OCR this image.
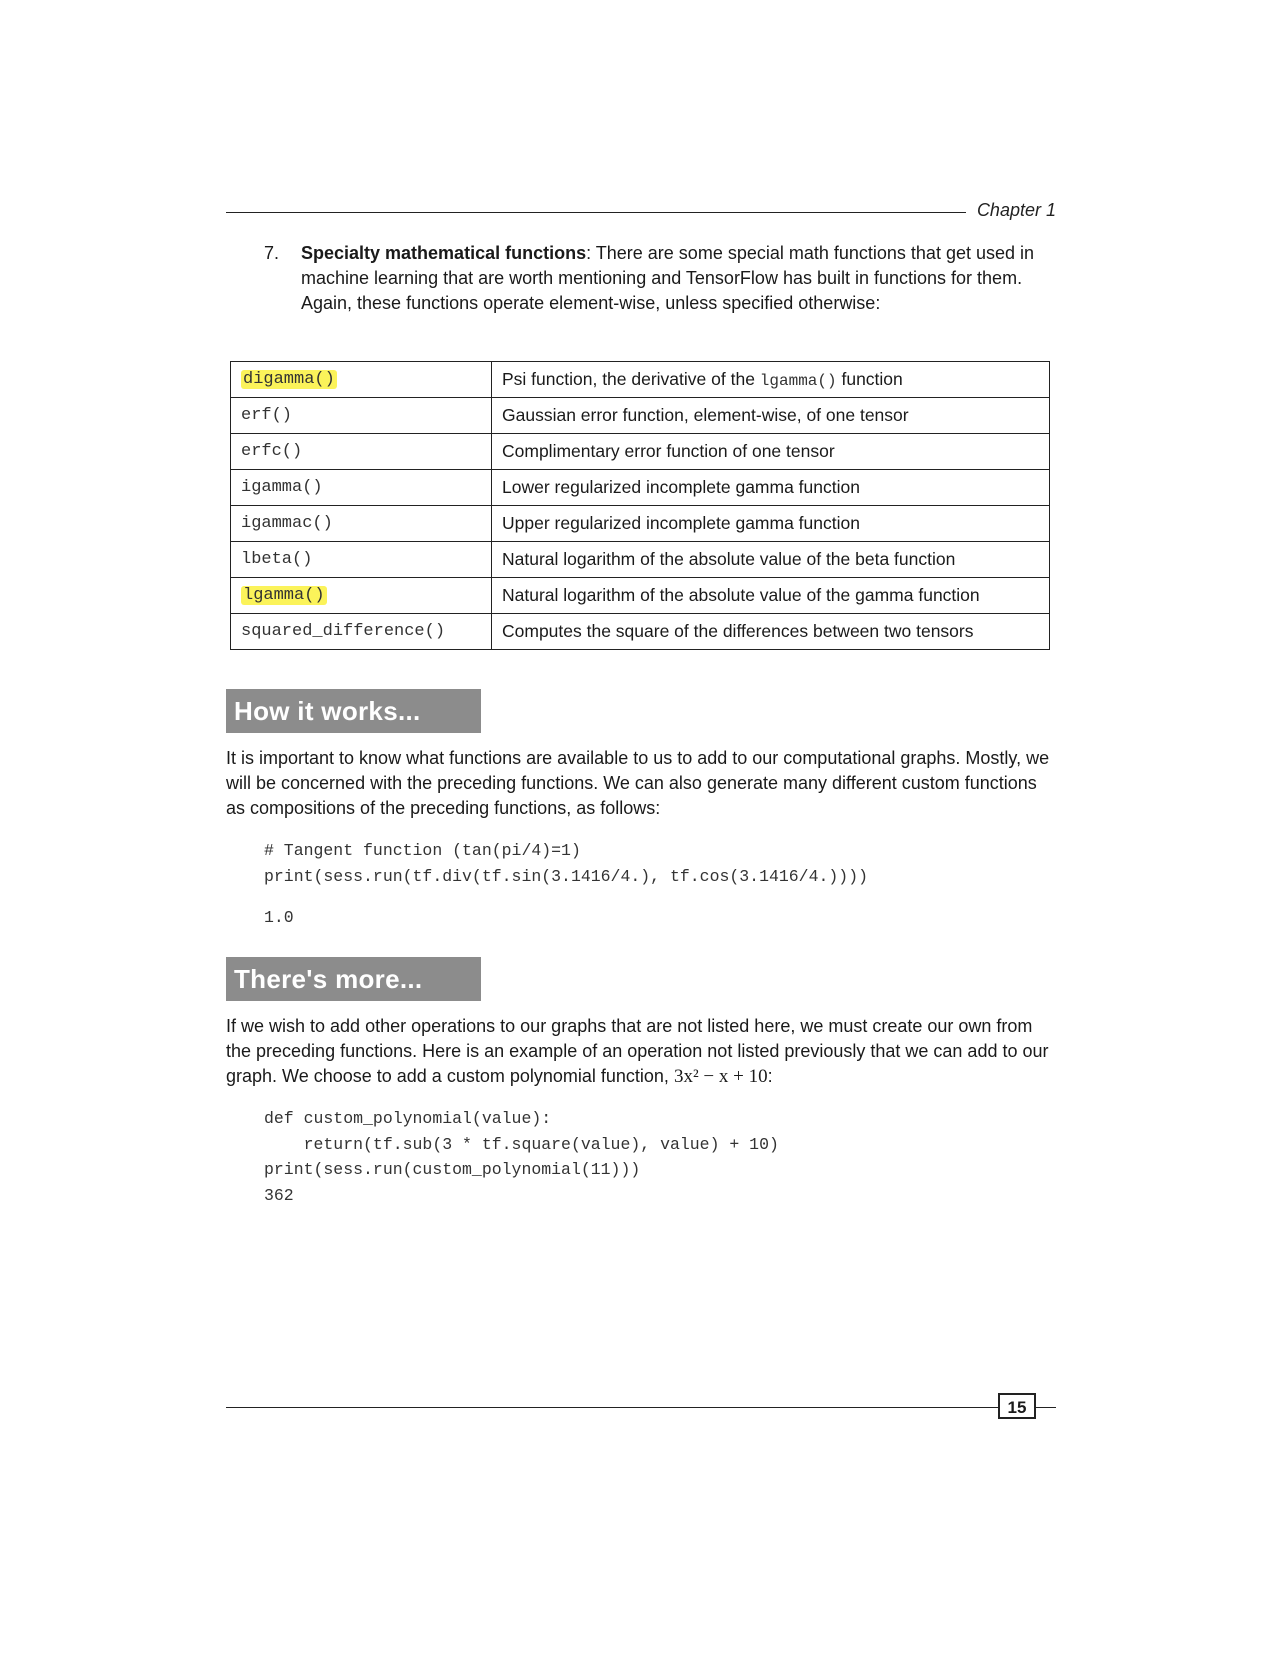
Chapter 1
7. Specialty mathematical functions: There are some special math functions that get used in machine learning that are worth mentioning and TensorFlow has built in functions for them. Again, these functions operate element-wise, unless specified otherwise:
digamma()	Psi function, the derivative of the lgamma() function
erf()	Gaussian error function, element-wise, of one tensor
erfc()	Complimentary error function of one tensor
igamma()	Lower regularized incomplete gamma function
igammac()	Upper regularized incomplete gamma function
lbeta()	Natural logarithm of the absolute value of the beta function
lgamma()	Natural logarithm of the absolute value of the gamma function
squared_difference()	Computes the square of the differences between two tensors
How it works...
It is important to know what functions are available to us to add to our computational graphs. Mostly, we will be concerned with the preceding functions. We can also generate many different custom functions as compositions of the preceding functions, as follows:
# Tangent function (tan(pi/4)=1)
print(sess.run(tf.div(tf.sin(3.1416/4.), tf.cos(3.1416/4.))))
1.0
There's more...
If we wish to add other operations to our graphs that are not listed here, we must create our own from the preceding functions. Here is an example of an operation not listed previously that we can add to our graph. We choose to add a custom polynomial function, 3x² − x + 10:
def custom_polynomial(value):
return(tf.sub(3 * tf.square(value), value) + 10)
print(sess.run(custom_polynomial(11)))
362
15
